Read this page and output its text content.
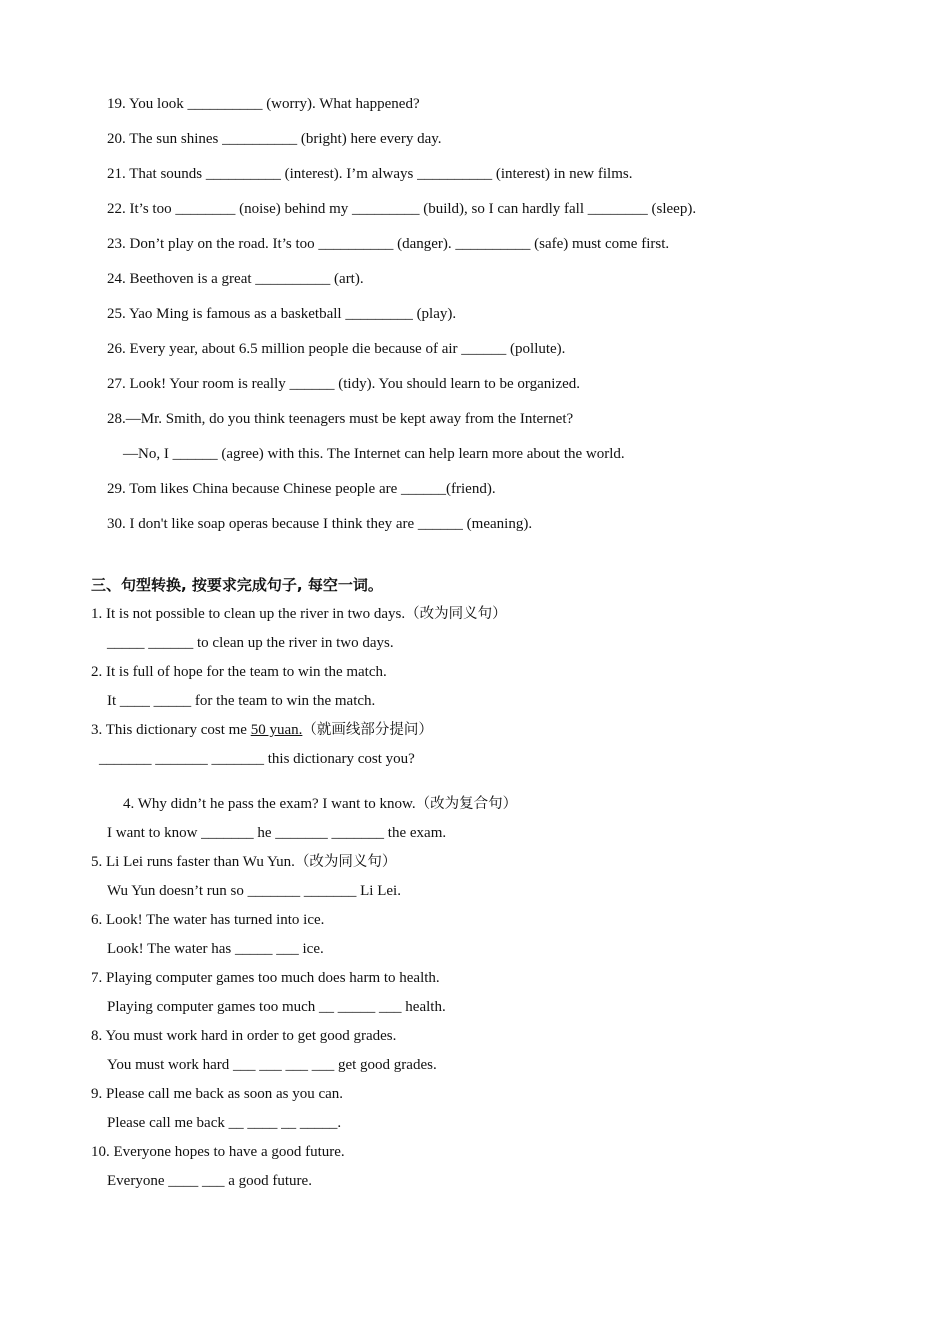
19. You look __________ (worry). What happened?
20. The sun shines __________ (bright) here every day.
21. That sounds __________ (interest). I’m always __________ (interest) in new films.
22. It’s too ________ (noise) behind my _________ (build), so I can hardly fall ________ (sleep).
23. Don’t play on the road. It’s too __________ (danger). __________ (safe) must come first.
24. Beethoven is a great __________ (art).
25. Yao Ming is famous as a basketball _________ (play).
26. Every year, about 6.5 million people die because of air ______ (pollute).
27. Look! Your room is really ______ (tidy). You should learn to be organized.
28.—Mr. Smith, do you think teenagers must be kept away from the Internet?
—No, I ______ (agree) with this. The Internet can help learn more about the world.
29. Tom likes China because Chinese people are ______(friend).
30. I don't like soap operas because I think they are ______ (meaning).
三、句型转换, 按要求完成句子, 每空一词。
1. It is not possible to clean up the river in two days.（改为同义句）
_____ ______ to clean up the river in two days.
2. It is full of hope for the team to win the match.
It ____ _____ for the team to win the match.
3. This dictionary cost me 50 yuan.（就画线部分提问）
_______ _______ _______ this dictionary cost you?
4. Why didn’t he pass the exam? I want to know.（改为复合句）
I want to know _______ he _______ _______ the exam.
5. Li Lei runs faster than Wu Yun.（改为同义句）
Wu Yun doesn’t run so _______ _______ Li Lei.
6. Look! The water has turned into ice.
Look! The water has _____ ___ ice.
7. Playing computer games too much does harm to health.
Playing computer games too much __ _____ ___ health.
8. You must work hard in order to get good grades.
You must work hard ___ ___ ___ ___ get good grades.
9. Please call me back as soon as you can.
Please call me back __ ____ __ _____.
10. Everyone hopes to have a good future.
Everyone ____ ___ a good future.
